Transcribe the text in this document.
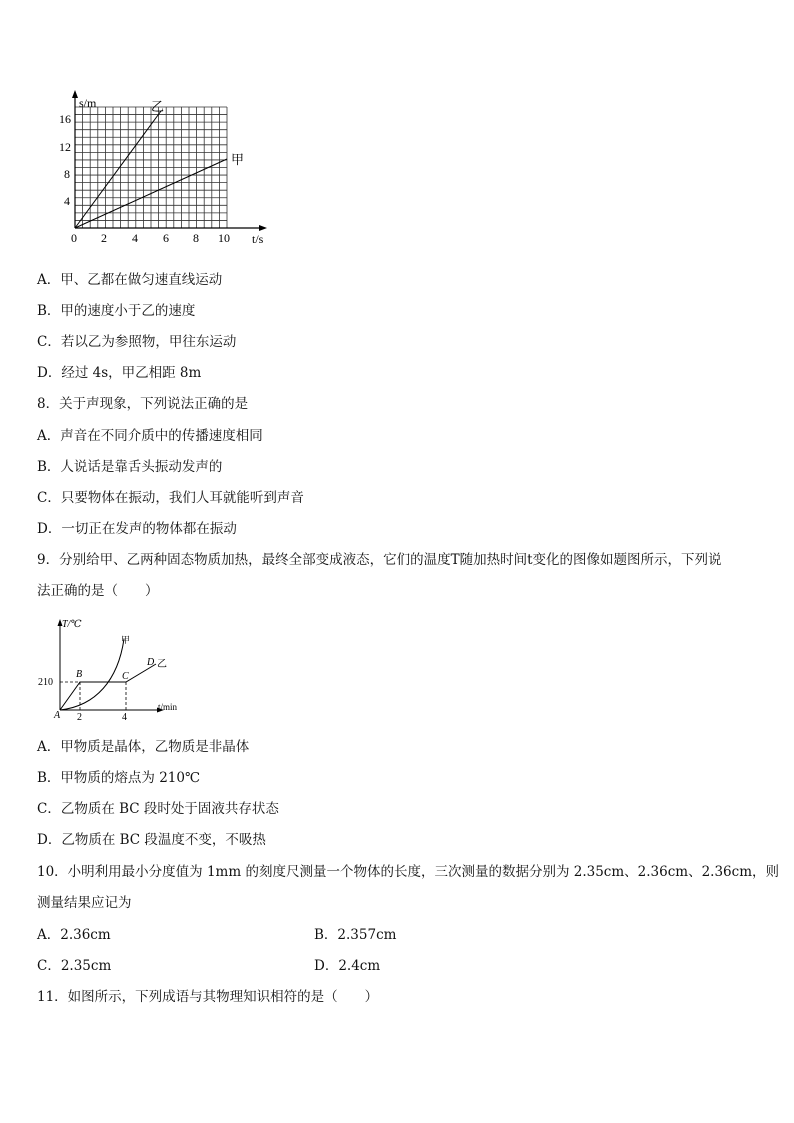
s/m
t/s
乙
甲
16
12
8
4
0 2 4 6 8 10
A．甲、乙都在做匀速直线运动
B．甲的速度小于乙的速度
C．若以乙为参照物，甲往东运动
D．经过 4s，甲乙相距 8m
8．关于声现象，下列说法正确的是
A．声音在不同介质中的传播速度相同
B．人说话是靠舌头振动发声的
C．只要物体在振动，我们人耳就能听到声音
D．一切正在发声的物体都在振动
9．分别给甲、乙两种固态物质加热，最终全部变成液态，它们的温度T随加热时间t变化的图像如题图所示，下列说
法正确的是（　　）
T/℃
t/min
210
2	4
A
B	C
D
甲
乙
A．甲物质是晶体，乙物质是非晶体
B．甲物质的熔点为 210℃
C．乙物质在 BC 段时处于固液共存状态
D．乙物质在 BC 段温度不变，不吸热
10．小明利用最小分度值为 1mm 的刻度尺测量一个物体的长度，三次测量的数据分别为 2.35cm、2.36cm、2.36cm，则
测量结果应记为
A．2.36cm	B．2.357cm
C．2.35cm	D．2.4cm
11．如图所示，下列成语与其物理知识相符的是（　　）
